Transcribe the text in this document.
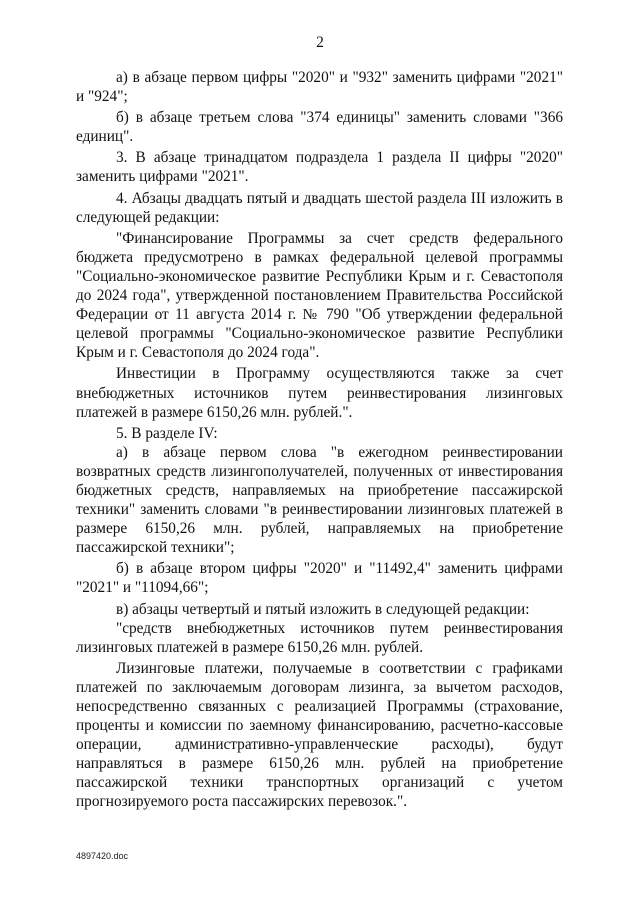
2

а) в абзаце первом цифры "2020" и "932" заменить цифрами "2021" и "924";

б) в абзаце третьем слова "374 единицы" заменить словами "366 единиц".

3. В абзаце тринадцатом подраздела 1 раздела II цифры "2020" заменить цифрами "2021".

4. Абзацы двадцать пятый и двадцать шестой раздела III изложить в следующей редакции:

"Финансирование Программы за счет средств федерального бюджета предусмотрено в рамках федеральной целевой программы "Социально-экономическое развитие Республики Крым и г. Севастополя до 2024 года", утвержденной постановлением Правительства Российской Федерации от 11 августа 2014 г. № 790 "Об утверждении федеральной целевой программы "Социально-экономическое развитие Республики Крым и г. Севастополя до 2024 года".

Инвестиции в Программу осуществляются также за счет внебюджетных источников путем реинвестирования лизинговых платежей в размере 6150,26 млн. рублей.".

5. В разделе IV:

а) в абзаце первом слова "в ежегодном реинвестировании возвратных средств лизингополучателей, полученных от инвестирования бюджетных средств, направляемых на приобретение пассажирской техники" заменить словами "в реинвестировании лизинговых платежей в размере 6150,26 млн. рублей, направляемых на приобретение пассажирской техники";

б) в абзаце втором цифры "2020" и "11492,4" заменить цифрами "2021" и "11094,66";

в) абзацы четвертый и пятый изложить в следующей редакции:

"средств внебюджетных источников путем реинвестирования лизинговых платежей в размере 6150,26 млн. рублей.

Лизинговые платежи, получаемые в соответствии с графиками платежей по заключаемым договорам лизинга, за вычетом расходов, непосредственно связанных с реализацией Программы (страхование, проценты и комиссии по заемному финансированию, расчетно-кассовые операции, административно-управленческие расходы), будут направляться в размере 6150,26 млн. рублей на приобретение пассажирской техники транспортных организаций с учетом прогнозируемого роста пассажирских перевозок.".

4897420.doc
